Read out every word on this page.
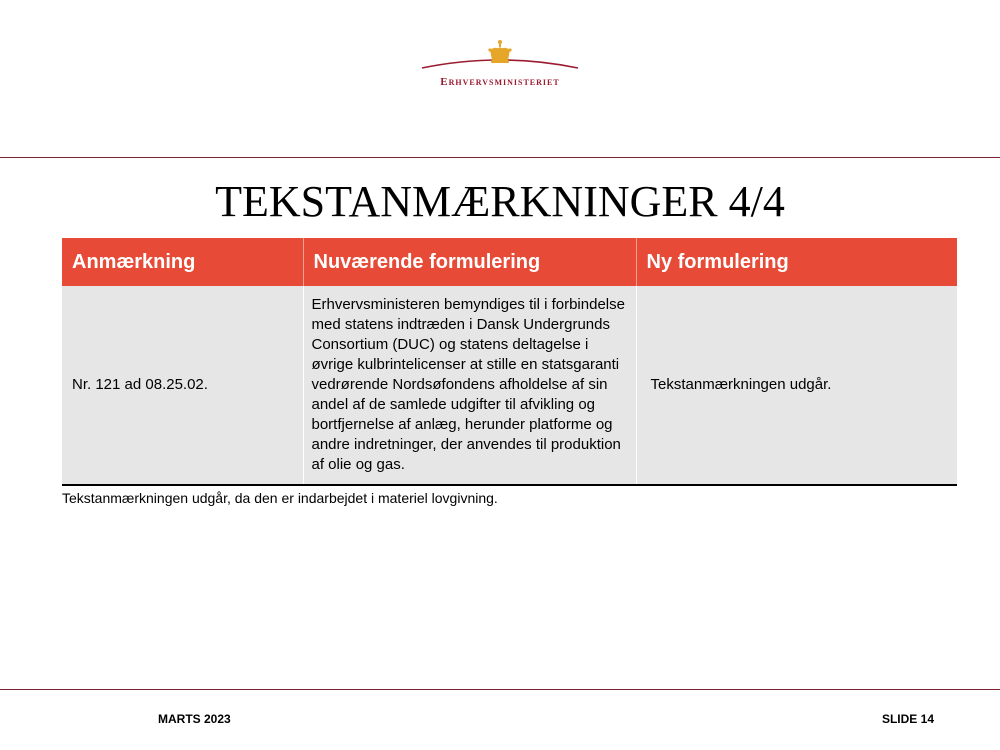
Erhvervsministeriet
TEKSTANMÆRKNINGER 4/4
Anmærkning	Nuværende formulering	Ny formulering
Nr. 121 ad 08.25.02.	Erhvervsministeren bemyndiges til i forbindelse med statens indtræden i Dansk Undergrunds Consortium (DUC) og statens deltagelse i øvrige kulbrintelicenser at stille en statsgaranti vedrørende Nordsøfondens afholdelse af sin andel af de samlede udgifter til afvikling og bortfjernelse af anlæg, herunder platforme og andre indretninger, der anvendes til produktion af olie og gas.	Tekstanmærkningen udgår.
Tekstanmærkningen udgår, da den er indarbejdet i materiel lovgivning.
MARTS 2023	SLIDE 14
